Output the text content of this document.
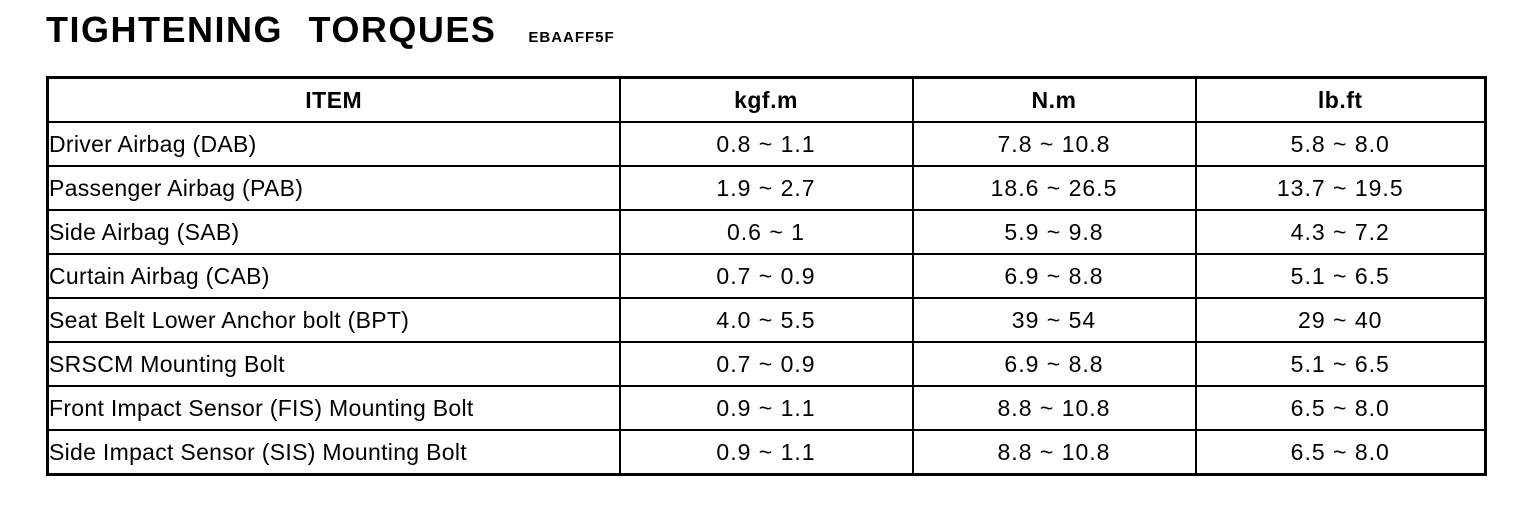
TIGHTENING TORQUES EBAAFF5F
ITEM	kgf.m	N.m	lb.ft
Driver Airbag (DAB)	0.8 ~ 1.1	7.8 ~ 10.8	5.8 ~ 8.0
Passenger Airbag (PAB)	1.9 ~ 2.7	18.6 ~ 26.5	13.7 ~ 19.5
Side Airbag (SAB)	0.6 ~ 1	5.9 ~ 9.8	4.3 ~ 7.2
Curtain Airbag (CAB)	0.7 ~ 0.9	6.9 ~ 8.8	5.1 ~ 6.5
Seat Belt Lower Anchor bolt (BPT)	4.0 ~ 5.5	39 ~ 54	29 ~ 40
SRSCM Mounting Bolt	0.7 ~ 0.9	6.9 ~ 8.8	5.1 ~ 6.5
Front Impact Sensor (FIS) Mounting Bolt	0.9 ~ 1.1	8.8 ~ 10.8	6.5 ~ 8.0
Side Impact Sensor (SIS) Mounting Bolt	0.9 ~ 1.1	8.8 ~ 10.8	6.5 ~ 8.0
